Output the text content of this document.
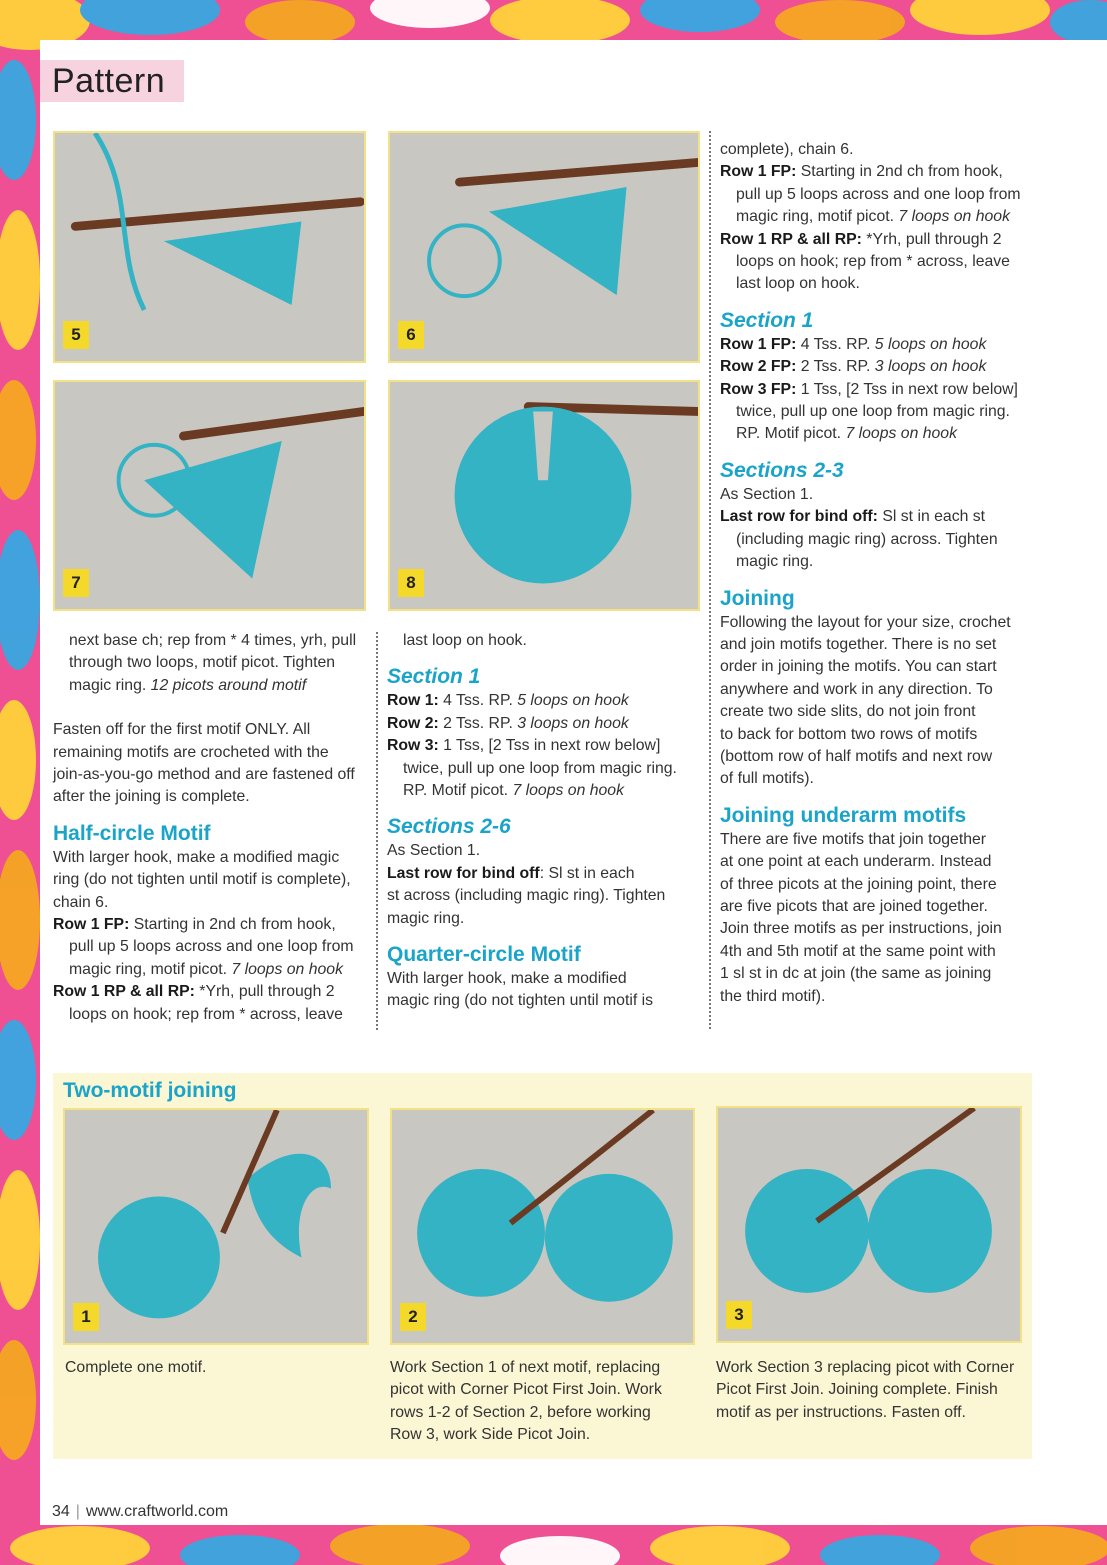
Pattern
5	6
7	8

next base ch; rep from * 4 times, yrh, pull

through two loops, motif picot. Tighten

magic ring. 12 picots around motif

Fasten off for the first motif ONLY. All

remaining motifs are crocheted with the

join-as-you-go method and are fastened off

after the joining is complete.

Half-circle Motif

With larger hook, make a modified magic

ring (do not tighten until motif is complete),

chain 6.

Row 1 FP: Starting in 2nd ch from hook,

pull up 5 loops across and one loop from

magic ring, motif picot. 7 loops on hook

Row 1 RP & all RP: *Yrh, pull through 2

loops on hook; rep from * across, leave

last loop on hook.

Section 1

Row 1: 4 Tss. RP. 5 loops on hook

Row 2: 2 Tss. RP. 3 loops on hook

Row 3: 1 Tss, [2 Tss in next row below]

twice, pull up one loop from magic ring.

RP. Motif picot. 7 loops on hook

Sections 2-6

As Section 1.

Last row for bind off: Sl st in each

st across (including magic ring). Tighten

magic ring.

Quarter-circle Motif

With larger hook, make a modified

magic ring (do not tighten until motif is

complete), chain 6.

Row 1 FP: Starting in 2nd ch from hook,

pull up 5 loops across and one loop from

magic ring, motif picot. 7 loops on hook

Row 1 RP & all RP: *Yrh, pull through 2

loops on hook; rep from * across, leave

last loop on hook.

Section 1

Row 1 FP: 4 Tss. RP. 5 loops on hook

Row 2 FP: 2 Tss. RP. 3 loops on hook

Row 3 FP: 1 Tss, [2 Tss in next row below]

twice, pull up one loop from magic ring.

RP. Motif picot. 7 loops on hook

Sections 2-3

As Section 1.

Last row for bind off: Sl st in each st

(including magic ring) across. Tighten

magic ring.

Joining

Following the layout for your size, crochet

and join motifs together. There is no set

order in joining the motifs. You can start

anywhere and work in any direction. To

create two side slits, do not join front

to back for bottom two rows of motifs

(bottom row of half motifs and next row

of full motifs).

Joining underarm motifs

There are five motifs that join together

at one point at each underarm. Instead

of three picots at the joining point, there

are five picots that are joined together.

Join three motifs as per instructions, join

4th and 5th motif at the same point with

1 sl st in dc at join (the same as joining

the third motif).

Two-motif joining
1	2	3

Complete one motif.	Work Section 1 of next motif, replacing

picot with Corner Picot First Join. Work

rows 1-2 of Section 2, before working

Row 3, work Side Picot Join.

Work Section 3 replacing picot with Corner

Picot First Join. Joining complete. Finish

motif as per instructions. Fasten off.

34 | www.craftworld.com
